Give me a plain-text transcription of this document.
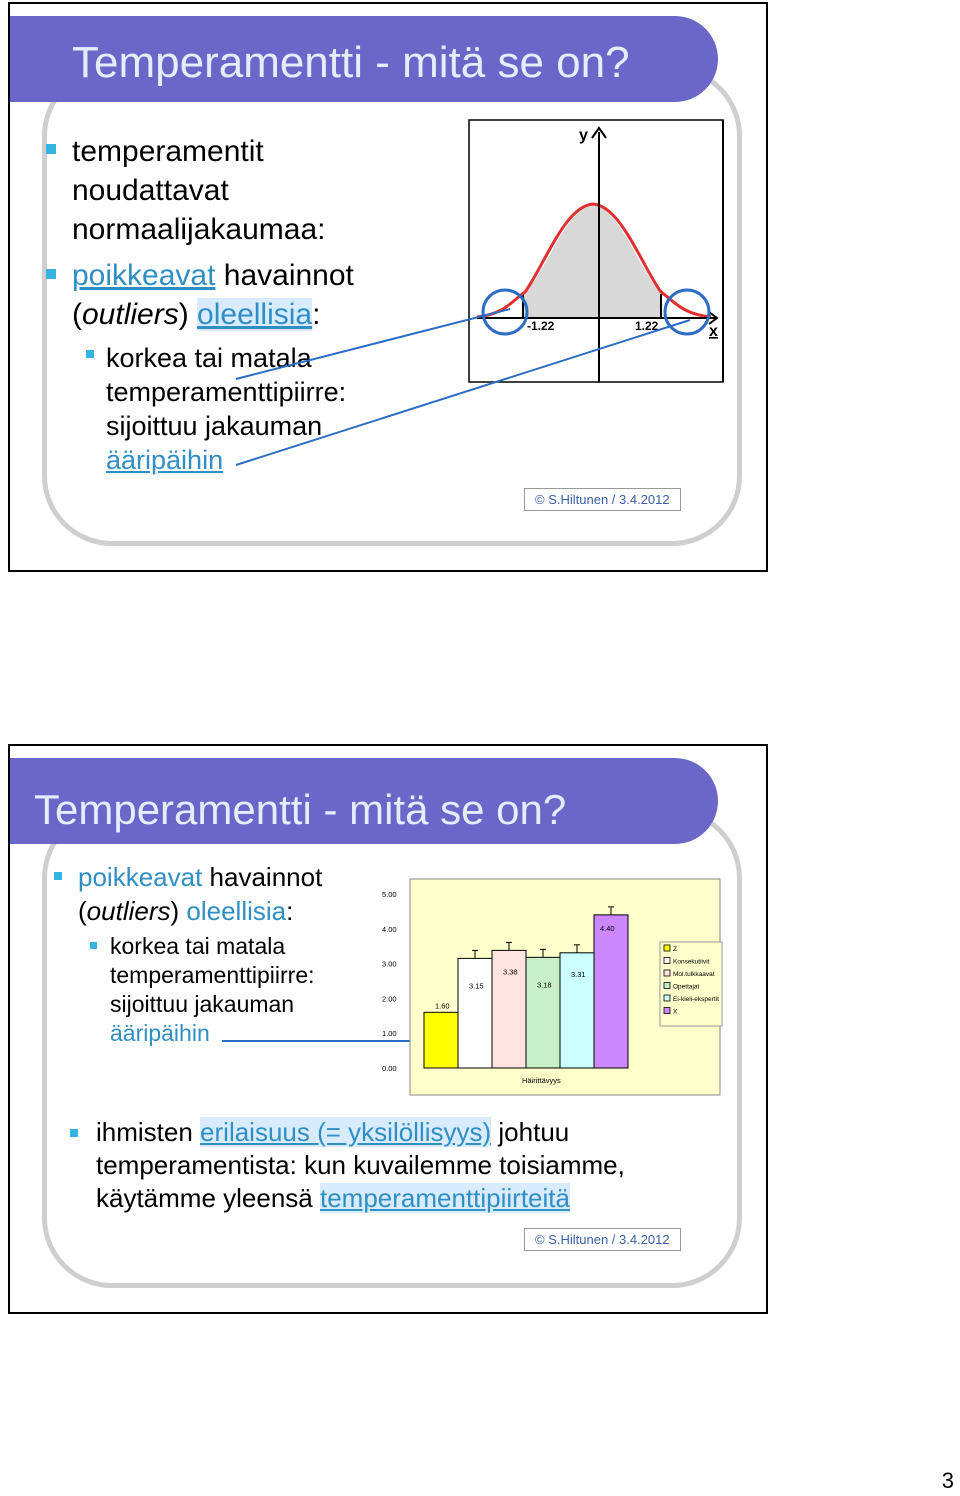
Temperamentti - mitä se on?
temperamentit
noudattavat
normaalijakaumaa:
poikkeavat havainnot
(outliers) oleellisia:
korkea tai matala
temperamenttipiirre:
sijoittuu jakauman
ääripäihin
y
x
-1.22	1.22
© S.Hiltunen / 3.4.2012
Temperamentti - mitä se on?
poikkeavat havainnot
(outliers) oleellisia:
korkea tai matala
temperamenttipiirre:
sijoittuu jakauman
ääripäihin
0.00
1.00
2.00
3.00
4.00
5.00
1.60
3.15
3.38
3.18
3.31
4.40
Häirittävyys
Z
Konsekutiivit
Mol.tulkkaavat
Opettajat
Ei-kieli-ekspertit
X
ihmisten erilaisuus (= yksilöllisyys) johtuu
temperamentista: kun kuvailemme toisiamme,
käytämme yleensä temperamenttipiirteitä
© S.Hiltunen / 3.4.2012
3
